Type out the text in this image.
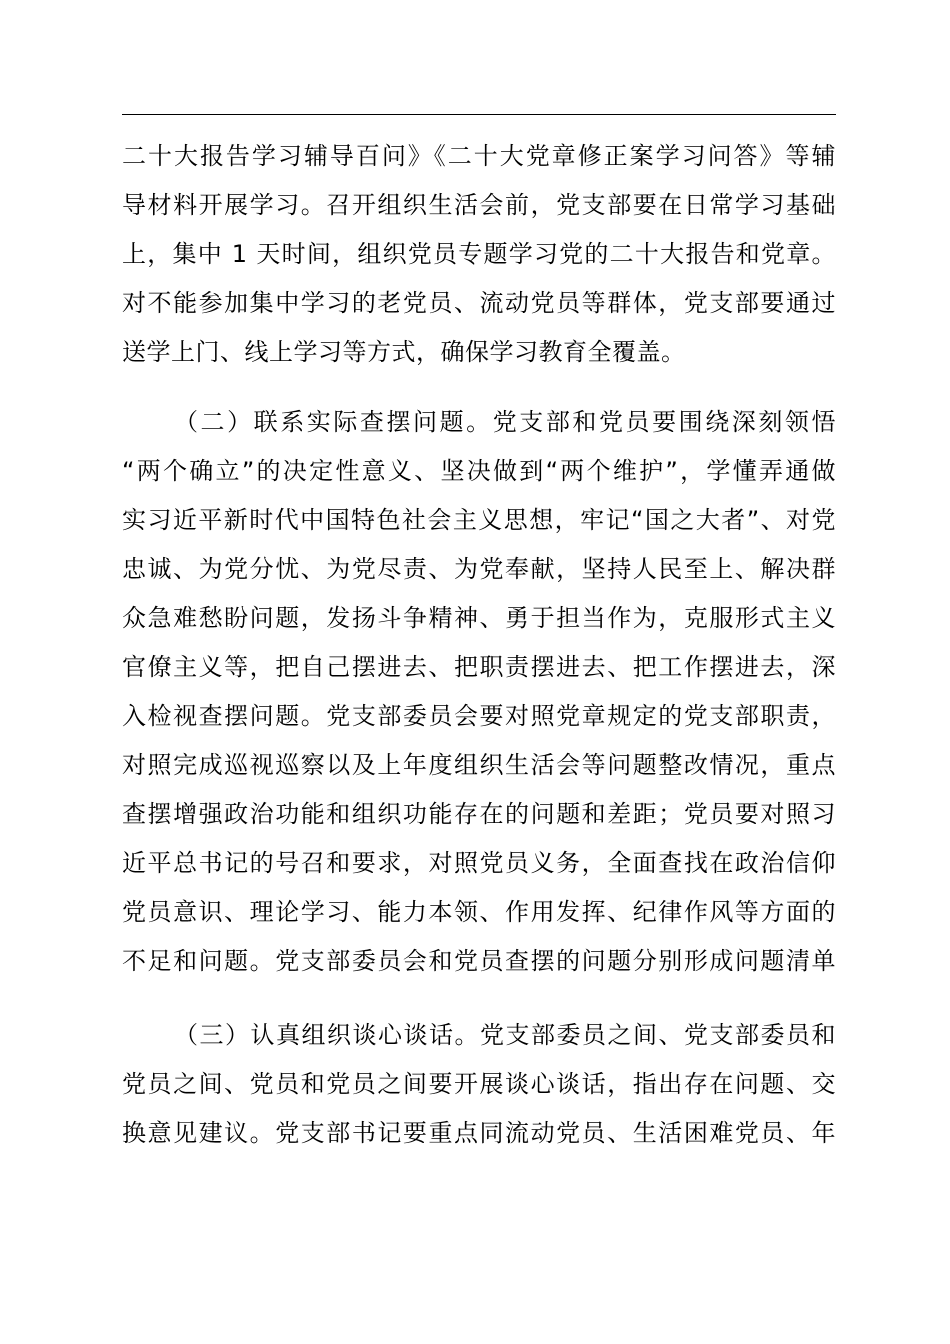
二十大报告学习辅导百问》《二十大党章修正案学习问答》等辅
导材料开展学习。召开组织生活会前，党支部要在日常学习基础
上，集中 1 天时间，组织党员专题学习党的二十大报告和党章。
对不能参加集中学习的老党员、流动党员等群体，党支部要通过
送学上门、线上学习等方式，确保学习教育全覆盖。
（二）联系实际查摆问题。党支部和党员要围绕深刻领悟
“两个确立”的决定性意义、坚决做到“两个维护”，学懂弄通做
实习近平新时代中国特色社会主义思想，牢记“国之大者”、对党
忠诚、为党分忧、为党尽责、为党奉献，坚持人民至上、解决群
众急难愁盼问题，发扬斗争精神、勇于担当作为，克服形式主义
官僚主义等，把自己摆进去、把职责摆进去、把工作摆进去，深
入检视查摆问题。党支部委员会要对照党章规定的党支部职责，
对照完成巡视巡察以及上年度组织生活会等问题整改情况，重点
查摆增强政治功能和组织功能存在的问题和差距；党员要对照习
近平总书记的号召和要求，对照党员义务，全面查找在政治信仰
党员意识、理论学习、能力本领、作用发挥、纪律作风等方面的
不足和问题。党支部委员会和党员查摆的问题分别形成问题清单
（三）认真组织谈心谈话。党支部委员之间、党支部委员和
党员之间、党员和党员之间要开展谈心谈话，指出存在问题、交
换意见建议。党支部书记要重点同流动党员、生活困难党员、年
